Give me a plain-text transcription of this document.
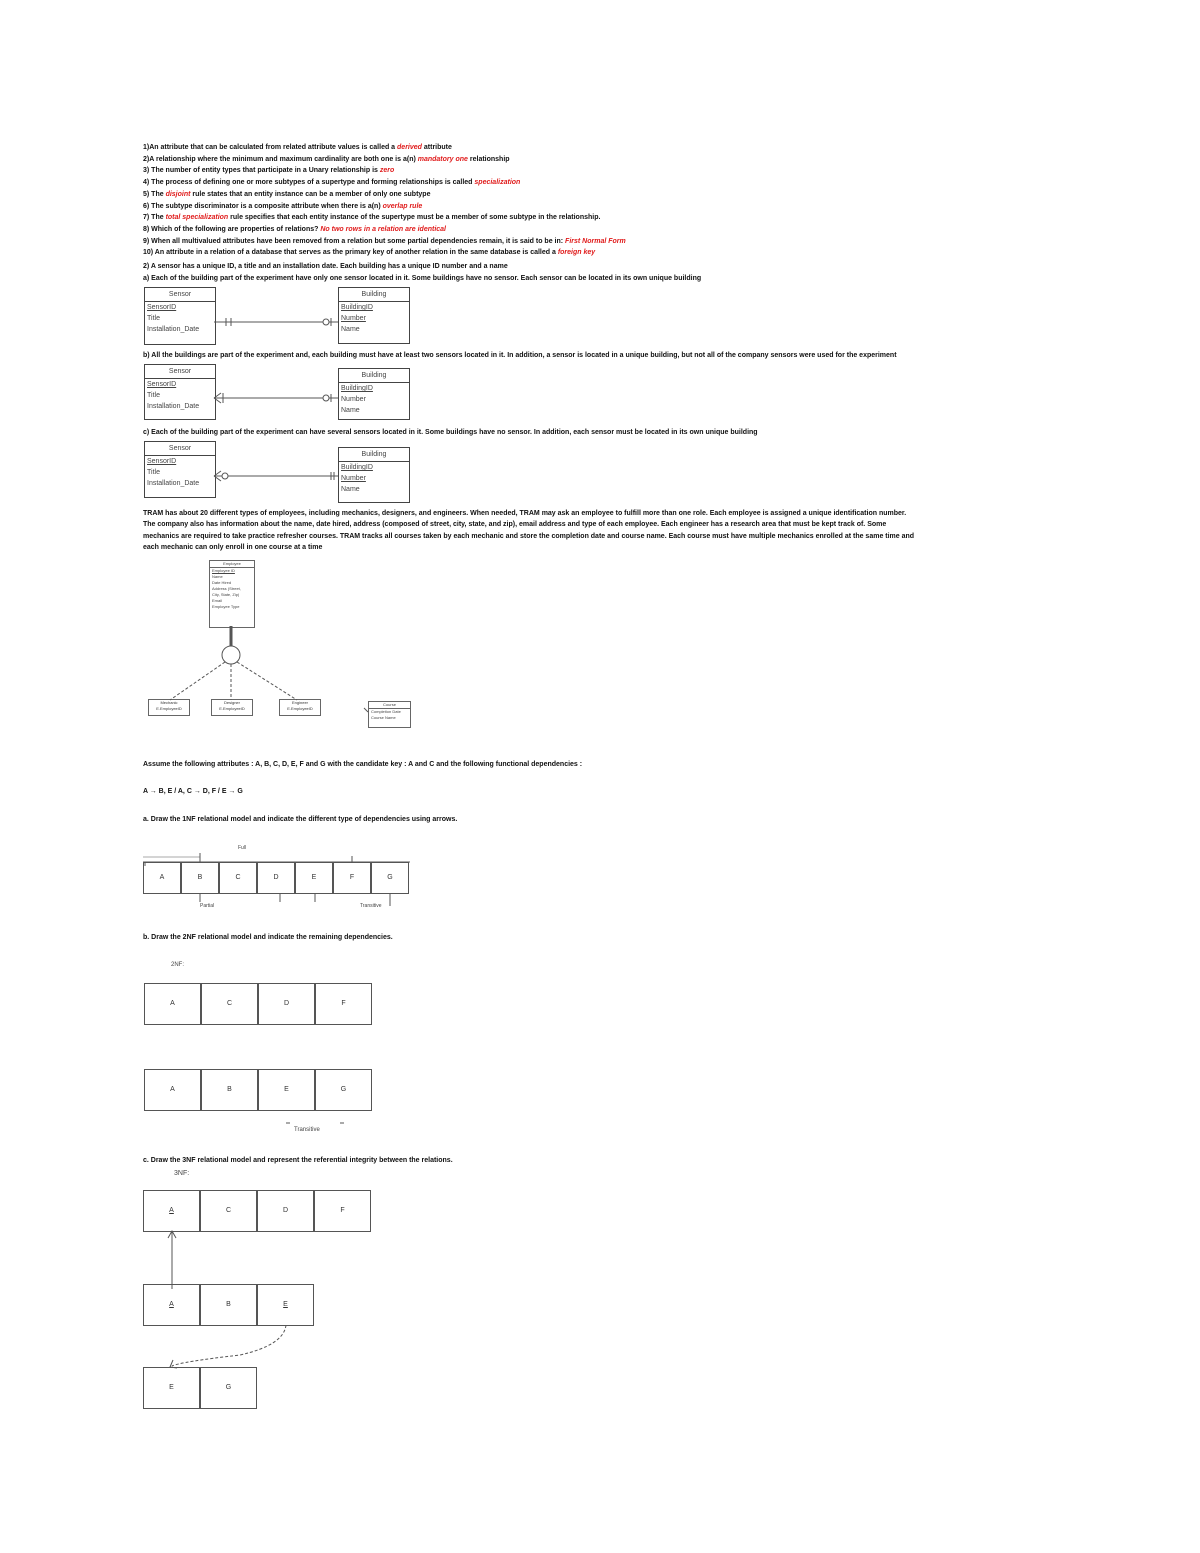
1)An attribute that can be calculated from related attribute values is called a derived attribute
2)A relationship where the minimum and maximum cardinality are both one is a(n) mandatory one relationship
3) The number of entity types that participate in a Unary relationship is zero
4) The process of defining one or more subtypes of a supertype and forming relationships is called specialization
5) The disjoint rule states that an entity instance can be a member of only one subtype
6) The subtype discriminator is a composite attribute when there is a(n) overlap rule
7) The total specialization rule specifies that each entity instance of the supertype must be a member of some subtype in the relationship.
8) Which of the following are properties of relations? No two rows in a relation are identical
9) When all multivalued attributes have been removed from a relation but some partial dependencies remain, it is said to be in: First Normal Form
10) An attribute in a relation of a database that serves as the primary key of another relation in the same database is called a foreign key
2) A sensor has a unique ID, a title and an installation date. Each building has a unique ID number and a name
a) Each of the building part of the experiment have only one sensor located in it. Some buildings have no sensor. Each sensor can be located in its own unique building
Sensor
SensorID
Title
Installation_Date
Building
BuildingID
Number
Name
b) All the buildings are part of the experiment and, each building must have at least two sensors located in it. In addition, a sensor is located in a unique building, but not all of the company sensors were used for the experiment
Sensor
SensorID
Title
Installation_Date
Building
BuildingID
Number
Name
c) Each of the building part of the experiment can have several sensors located in it. Some buildings have no sensor. In addition, each sensor must be located in its own unique building
Sensor
SensorID
Title
Installation_Date
Building
BuildingID
Number
Name
TRAM has about 20 different types of employees, including mechanics, designers, and engineers. When needed, TRAM may ask an employee to fulfill more than one role. Each employee is assigned a unique identification number.
The company also has information about the name, date hired, address (composed of street, city, state, and zip), email address and type of each employee. Each engineer has a research area that must be kept track of. Some
mechanics are required to take practice refresher courses. TRAM tracks all courses taken by each mechanic and store the completion date and course name. Each course must have multiple mechanics enrolled at the same time and
each mechanic can only enroll in one course at a time
Employee
Employee ID
Name
Date Hired
Address (Street,
City, State, Zip)
Email
Employee Type
Mechanic
E.EmployeeID
Designer
E.EmployeeID
Engineer
E.EmployeeID
Course
Completion Date
Course Name
Assume the following attributes : A, B, C, D, E, F and G with the candidate key : A and C and the following functional dependencies :
A → B, E / A, C → D, F / E → G
a. Draw the 1NF relational model and indicate the different type of dependencies using arrows.
A	B	C	D	E	F	G
Full
Partial	Transitive
b. Draw the 2NF relational model and indicate the remaining dependencies.
2NF:
A	C	D	F
A	B	E	G
Transitive
c. Draw the 3NF relational model and represent the referential integrity between the relations.
3NF:
A	C	D	F
A	B	E
E	G
